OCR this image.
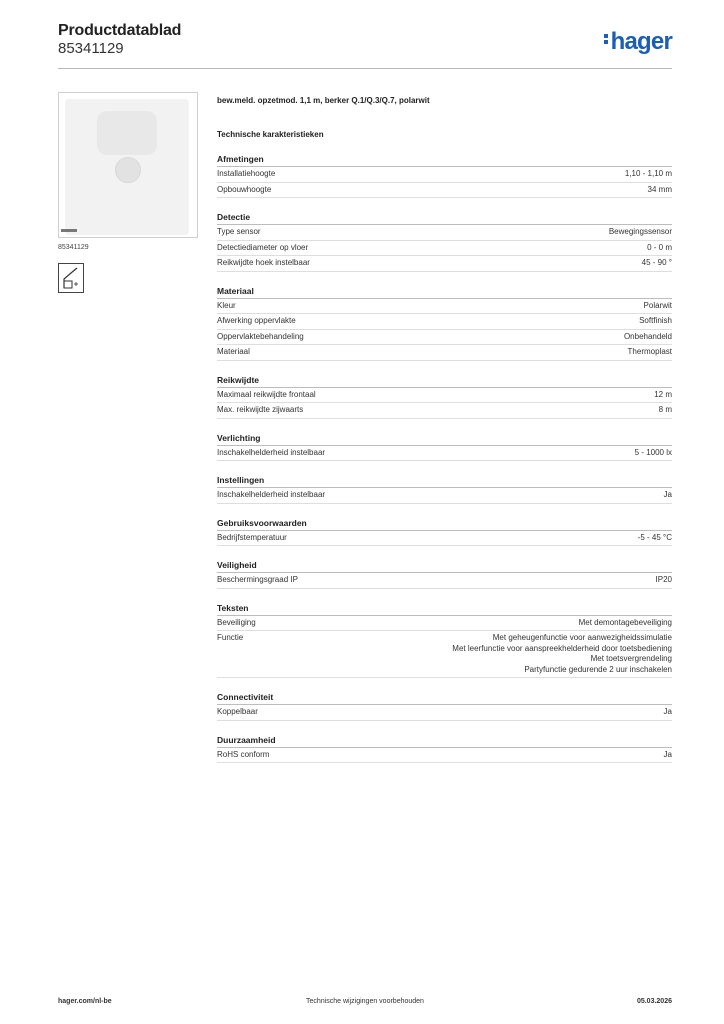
Productdatablad
85341129	hager
85341129
bew.meld. opzetmod. 1,1 m, berker Q.1/Q.3/Q.7, polarwit
Technische karakteristieken
Afmetingen
Installatiehoogte	1,10 - 1,10 m
Opbouwhoogte	34 mm
Detectie
Type sensor	Bewegingssensor
Detectiediameter op vloer	0 - 0 m
Reikwijdte hoek instelbaar	45 - 90 °
Materiaal
Kleur	Polarwit
Afwerking oppervlakte	Softfinish
Oppervlaktebehandeling	Onbehandeld
Materiaal	Thermoplast
Reikwijdte
Maximaal reikwijdte frontaal	12 m
Max. reikwijdte zijwaarts	8 m
Verlichting
Inschakelhelderheid instelbaar	5 - 1000 lx
Instellingen
Inschakelhelderheid instelbaar	Ja
Gebruiksvoorwaarden
Bedrijfstemperatuur	-5 - 45 °C
Veiligheid
Beschermingsgraad IP	IP20
Teksten
Beveiliging	Met demontagebeveiliging
Functie	Met geheugenfunctie voor aanwezigheidssimulatie
Met leerfunctie voor aanspreekhelderheid door toetsbediening
Met toetsvergrendeling
Partyfunctie gedurende 2 uur inschakelen
Connectiviteit
Koppelbaar	Ja
Duurzaamheid
RoHS conform	Ja
hager.com/nl-be	Technische wijzigingen voorbehouden	05.03.2026
